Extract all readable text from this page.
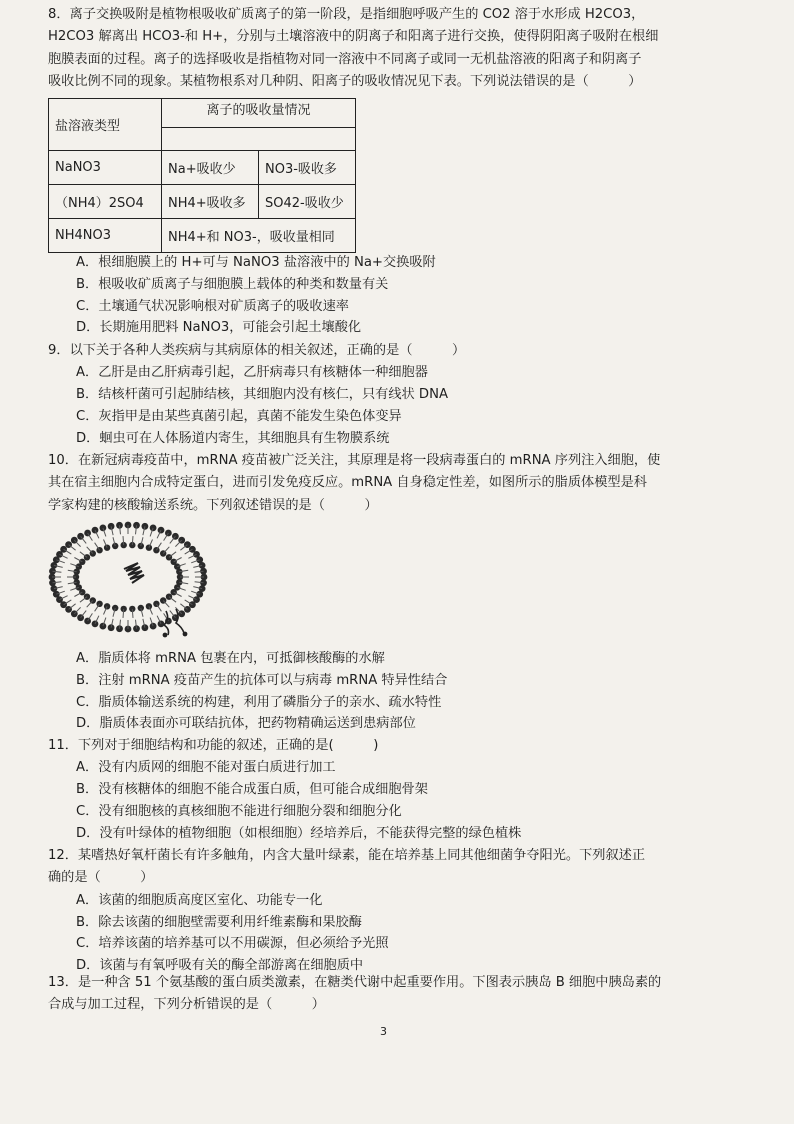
8．离子交换吸附是植物根吸收矿质离子的第一阶段，是指细胞呼吸产生的 CO2 溶于水形成 H2CO3，

H2CO3 解离出 HCO3-和 H+，分别与土壤溶液中的阴离子和阳离子进行交换，使得阴阳离子吸附在根细

胞膜表面的过程。离子的选择吸收是指植物对同一溶液中不同离子或同一无机盐溶液的阳离子和阴离子

吸收比例不同的现象。某植物根系对几种阴、阳离子的吸收情况见下表。下列说法错误的是（　　　）

盐溶液类型	离子的吸收量情况	

NaNO3	Na+吸收少	NO3-吸收多
（NH4）2SO4	NH4+吸收多	SO42-吸收少
NH4NO3	NH4+和 NO3-，吸收量相同	
A．根细胞膜上的 H+可与 NaNO3 盐溶液中的 Na+交换吸附
B．根吸收矿质离子与细胞膜上载体的种类和数量有关
C．土壤通气状况影响根对矿质离子的吸收速率
D．长期施用肥料 NaNO3，可能会引起土壤酸化

9．以下关于各种人类疾病与其病原体的相关叙述，正确的是（　　　）

A．乙肝是由乙肝病毒引起，乙肝病毒只有核糖体一种细胞器
B．结核杆菌可引起肺结核，其细胞内没有核仁，只有线状 DNA
C．灰指甲是由某些真菌引起，真菌不能发生染色体变异
D．蛔虫可在人体肠道内寄生，其细胞具有生物膜系统

10．在新冠病毒疫苗中，mRNA 疫苗被广泛关注，其原理是将一段病毒蛋白的 mRNA 序列注入细胞，使

其在宿主细胞内合成特定蛋白，进而引发免疫反应。mRNA 自身稳定性差，如图所示的脂质体模型是科

学家构建的核酸输送系统。下列叙述错误的是（　　　）

A．脂质体将 mRNA 包裹在内，可抵御核酸酶的水解
B．注射 mRNA 疫苗产生的抗体可以与病毒 mRNA 特异性结合
C．脂质体输送系统的构建，利用了磷脂分子的亲水、疏水特性
D．脂质体表面亦可联结抗体，把药物精确运送到患病部位

11．下列对于细胞结构和功能的叙述，正确的是(　　　)

A．没有内质网的细胞不能对蛋白质进行加工
B．没有核糖体的细胞不能合成蛋白质，但可能合成细胞骨架
C．没有细胞核的真核细胞不能进行细胞分裂和细胞分化
D．没有叶绿体的植物细胞（如根细胞）经培养后，不能获得完整的绿色植株

12．某嗜热好氧杆菌长有许多触角，内含大量叶绿素，能在培养基上同其他细菌争夺阳光。下列叙述正

确的是（　　　）

A．该菌的细胞质高度区室化、功能专一化
B．除去该菌的细胞壁需要利用纤维素酶和果胶酶
C．培养该菌的培养基可以不用碳源，但必须给予光照
D．该菌与有氧呼吸有关的酶全部游离在细胞质中

13．是一种含 51 个氨基酸的蛋白质类激素，在糖类代谢中起重要作用。下图表示胰岛 B 细胞中胰岛素的

合成与加工过程，下列分析错误的是（　　　）

3
